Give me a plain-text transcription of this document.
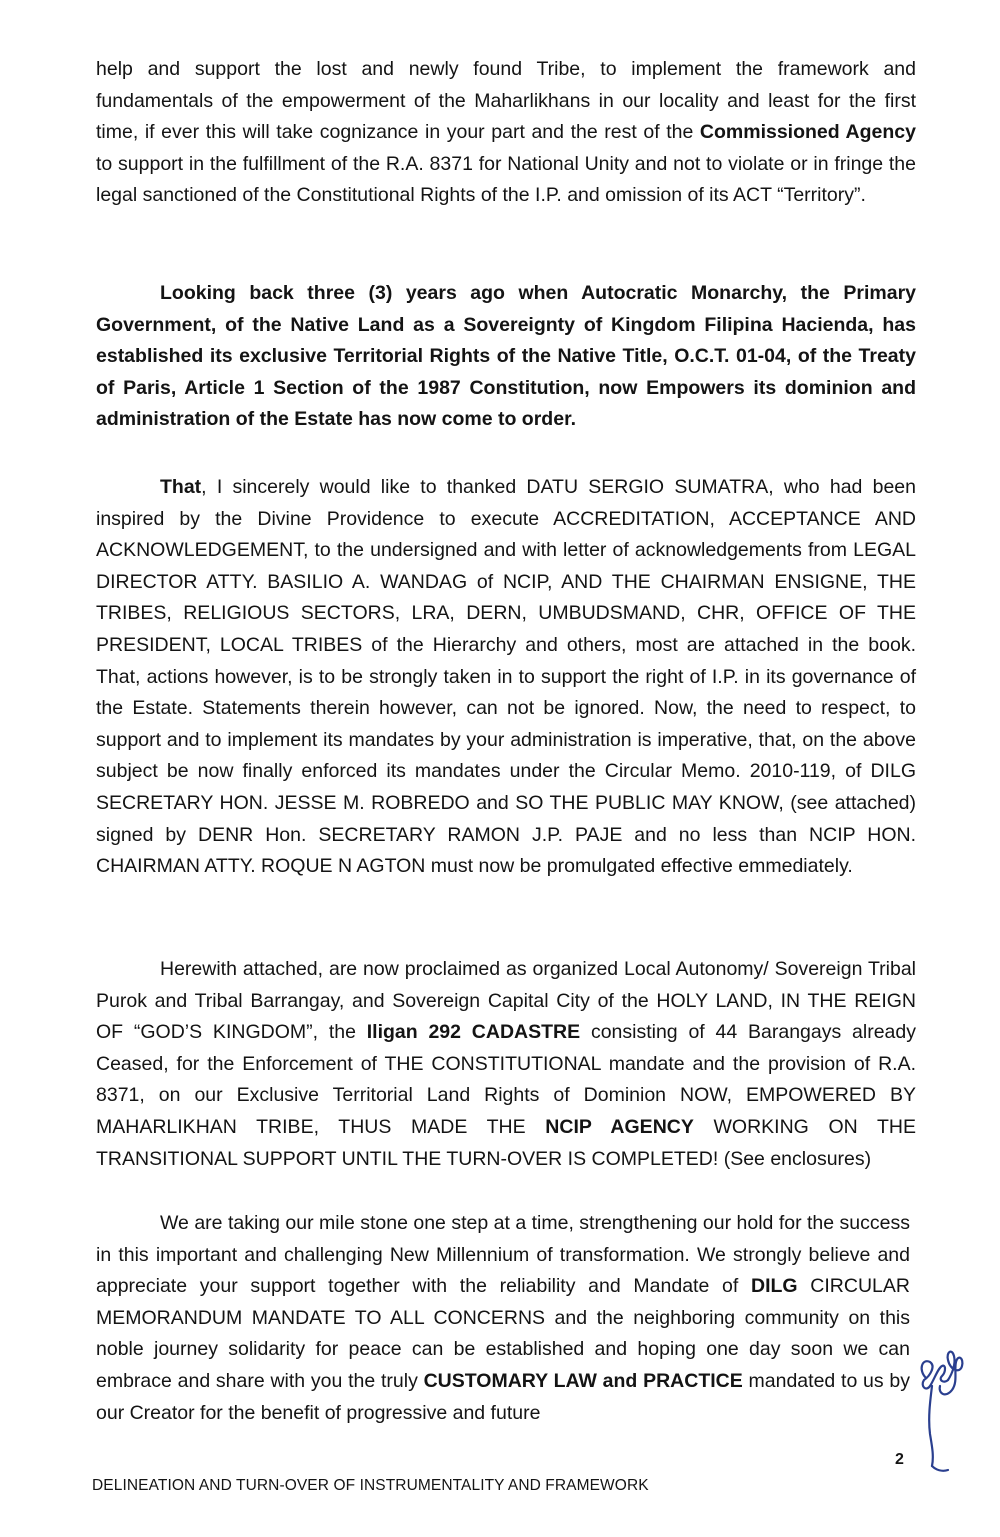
help and support the lost and newly found Tribe, to implement the framework and fundamentals of the empowerment of the Maharlikhans in our locality and least for the first time, if ever this will take cognizance in your part and the rest of the Commissioned Agency to support in the fulfillment of the R.A. 8371 for National Unity and not to violate or in fringe the legal sanctioned of the Constitutional Rights of the I.P. and omission of its ACT “Territory”.

Looking back three (3) years ago when Autocratic Monarchy, the Primary Government, of the Native Land as a Sovereignty of Kingdom Filipina Hacienda, has established its exclusive Territorial Rights of the Native Title, O.C.T. 01-04, of the Treaty of Paris, Article 1 Section of the 1987 Constitution, now Empowers its dominion and administration of the Estate has now come to order.

That, I sincerely would like to thanked DATU SERGIO SUMATRA, who had been inspired by the Divine Providence to execute ACCREDITATION, ACCEPTANCE AND ACKNOWLEDGEMENT, to the undersigned and with letter of acknowledgements from LEGAL DIRECTOR ATTY. BASILIO A. WANDAG of NCIP, AND THE CHAIRMAN ENSIGNE, THE TRIBES, RELIGIOUS SECTORS, LRA, DERN, UMBUDSMAND, CHR, OFFICE OF THE PRESIDENT, LOCAL TRIBES of the Hierarchy and others, most are attached in the book. That, actions however, is to be strongly taken in to support the right of I.P. in its governance of the Estate. Statements therein however, can not be ignored. Now, the need to respect, to support and to implement its mandates by your administration is imperative, that, on the above subject be now finally enforced its mandates under the Circular Memo. 2010-119, of DILG SECRETARY HON. JESSE M. ROBREDO and SO THE PUBLIC MAY KNOW, (see attached) signed by DENR Hon. SECRETARY RAMON J.P. PAJE and no less than NCIP HON. CHAIRMAN ATTY. ROQUE N AGTON must now be promulgated effective emmediately.

Herewith attached, are now proclaimed as organized Local Autonomy/ Sovereign Tribal Purok and Tribal Barrangay, and Sovereign Capital City of the HOLY LAND, IN THE REIGN OF “GOD’S KINGDOM”, the Iligan 292 CADASTRE consisting of 44 Barangays already Ceased, for the Enforcement of THE CONSTITUTIONAL mandate and the provision of R.A. 8371, on our Exclusive Territorial Land Rights of Dominion NOW, EMPOWERED BY MAHARLIKHAN TRIBE, THUS MADE THE NCIP AGENCY WORKING ON THE TRANSITIONAL SUPPORT UNTIL THE TURN-OVER IS COMPLETED! (See enclosures)

We are taking our mile stone one step at a time, strengthening our hold for the success in this important and challenging New Millennium of transformation. We strongly believe and appreciate your support together with the reliability and Mandate of DILG CIRCULAR MEMORANDUM MANDATE TO ALL CONCERNS and the neighboring community on this noble journey solidarity for peace can be established and hoping one day soon we can embrace and share with you the truly CUSTOMARY LAW and PRACTICE mandated to us by our Creator for the benefit of progressive and future

2
DELINEATION AND TURN-OVER OF INSTRUMENTALITY AND FRAMEWORK
